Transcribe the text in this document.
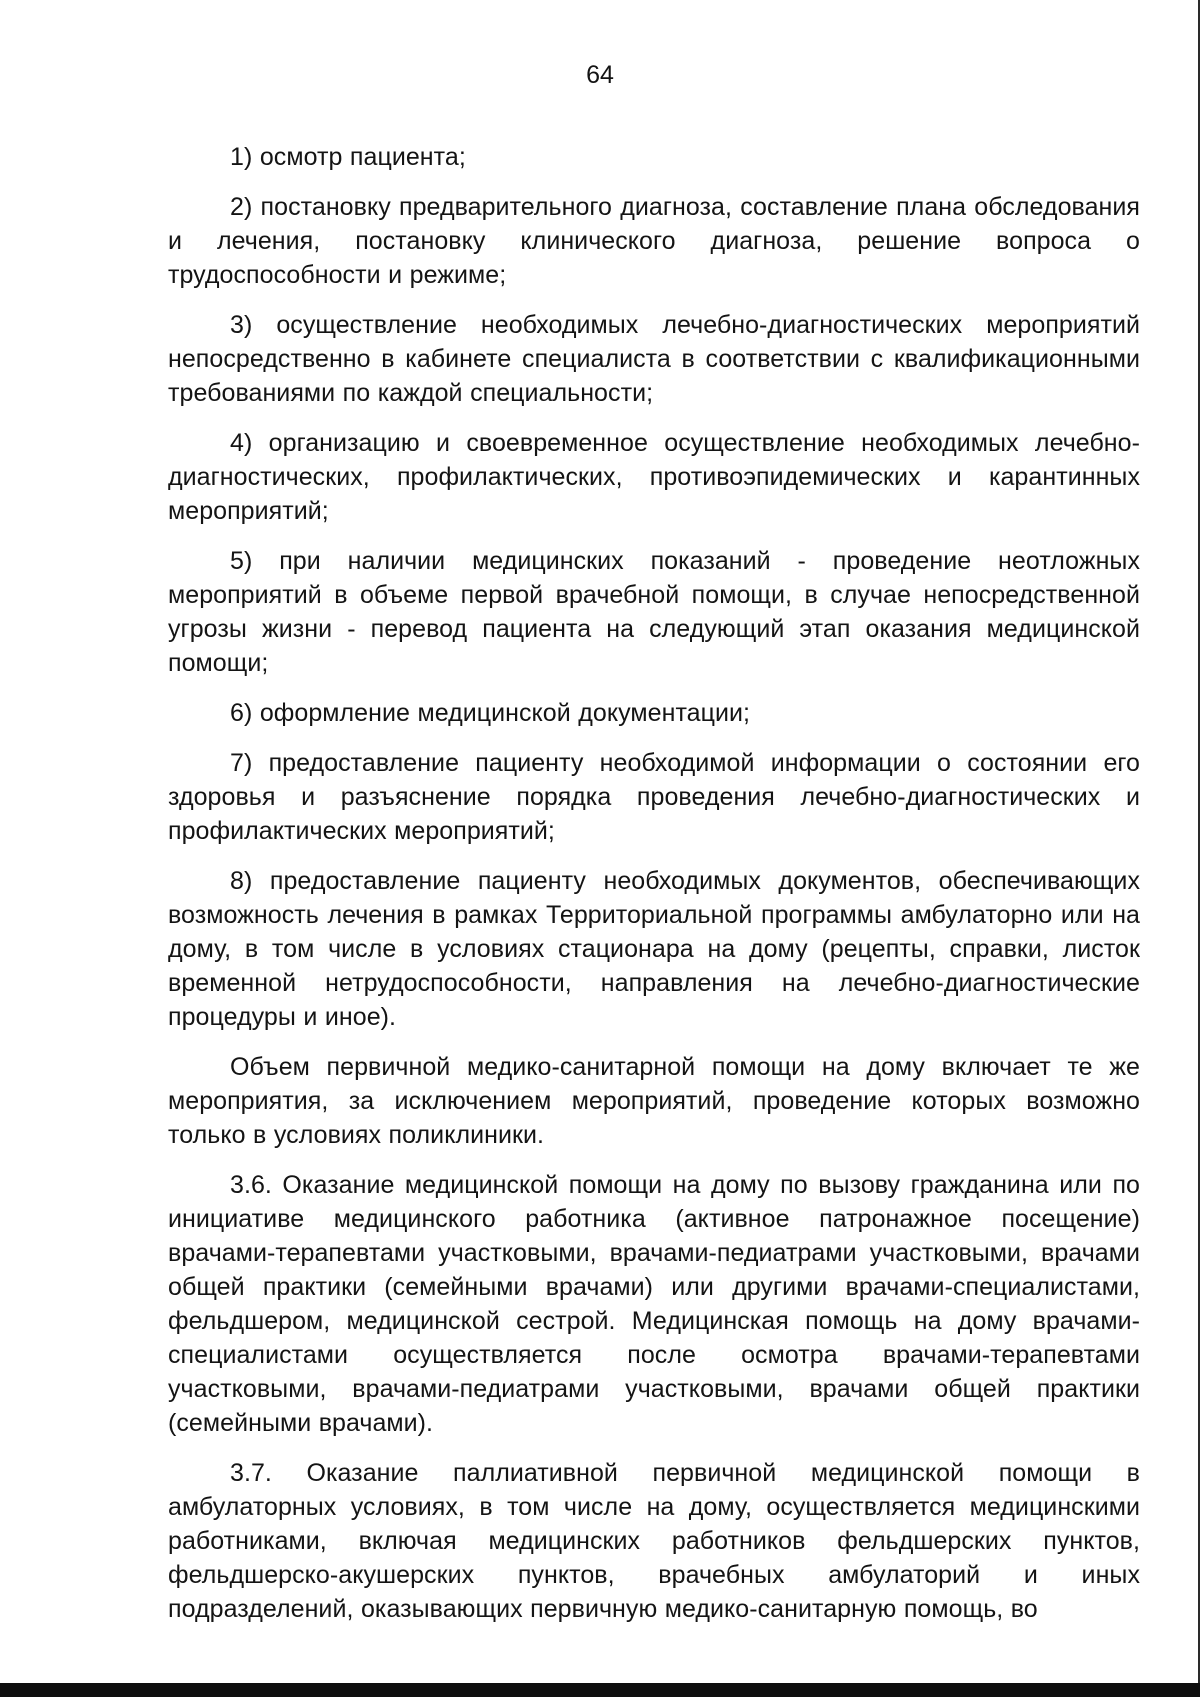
64

1) осмотр пациента;

2) постановку предварительного диагноза, составление плана обследования и лечения, постановку клинического диагноза, решение вопроса о трудоспособности и режиме;

3) осуществление необходимых лечебно-диагностических мероприятий непосредственно в кабинете специалиста в соответствии с квалификационными требованиями по каждой специальности;

4) организацию и своевременное осуществление необходимых лечебно-диагностических, профилактических, противоэпидемических и карантинных мероприятий;

5) при наличии медицинских показаний - проведение неотложных мероприятий в объеме первой врачебной помощи, в случае непосредственной угрозы жизни - перевод пациента на следующий этап оказания медицинской помощи;

6) оформление медицинской документации;

7) предоставление пациенту необходимой информации о состоянии его здоровья и разъяснение порядка проведения лечебно-диагностических и профилактических мероприятий;

8) предоставление пациенту необходимых документов, обеспечивающих возможность лечения в рамках Территориальной программы амбулаторно или на дому, в том числе в условиях стационара на дому (рецепты, справки, листок временной нетрудоспособности, направления на лечебно-диагностические процедуры и иное).

Объем первичной медико-санитарной помощи на дому включает те же мероприятия, за исключением мероприятий, проведение которых возможно только в условиях поликлиники.

3.6. Оказание медицинской помощи на дому по вызову гражданина или по инициативе медицинского работника (активное патронажное посещение) врачами-терапевтами участковыми, врачами-педиатрами участковыми, врачами общей практики (семейными врачами) или другими врачами-специалистами, фельдшером, медицинской сестрой. Медицинская помощь на дому врачами-специалистами осуществляется после осмотра врачами-терапевтами участковыми, врачами-педиатрами участковыми, врачами общей практики (семейными врачами).

3.7. Оказание паллиативной первичной медицинской помощи в амбулаторных условиях, в том числе на дому, осуществляется медицинскими работниками, включая медицинских работников фельдшерских пунктов, фельдшерско-акушерских пунктов, врачебных амбулаторий и иных подразделений, оказывающих первичную медико-санитарную помощь, во
